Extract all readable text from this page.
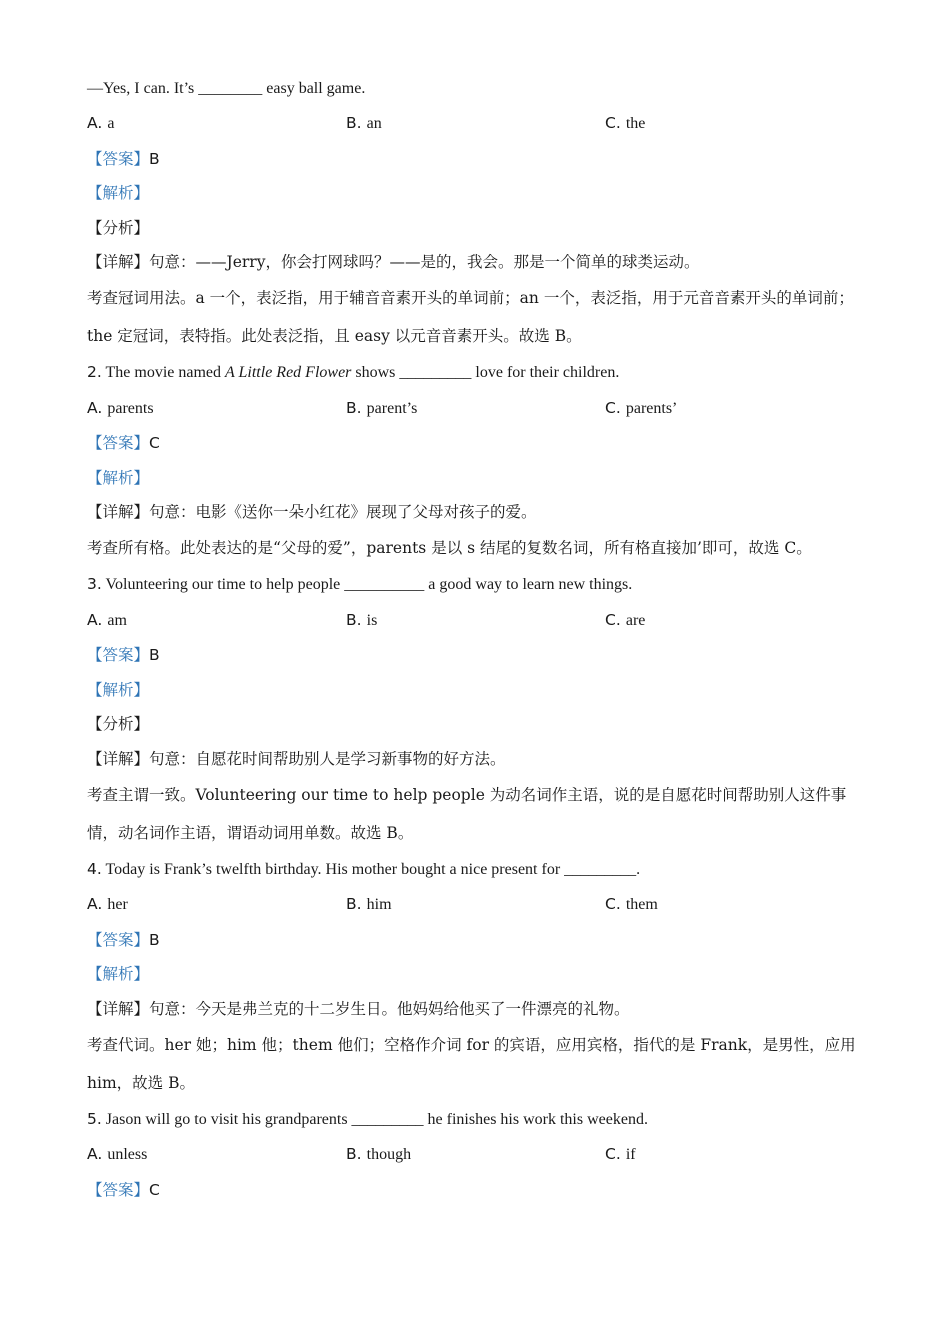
—Yes, I can. It’s ________ easy ball game.
A. a	B. an	C. the
【答案】B
【解析】
【分析】
【详解】句意：——Jerry，你会打网球吗？——是的，我会。那是一个简单的球类运动。
考查冠词用法。a 一个，表泛指，用于辅音音素开头的单词前；an 一个，表泛指，用于元音音素开头的单词前；the 定冠词，表特指。此处表泛指，且 easy 以元音音素开头。故选 B。
2. The movie named A Little Red Flower shows _________ love for their children.
A. parents	B. parent’s	C. parents’
【答案】C
【解析】
【详解】句意：电影《送你一朵小红花》展现了父母对孩子的爱。
考查所有格。此处表达的是“父母的爱”，parents 是以 s 结尾的复数名词，所有格直接加’即可，故选 C。
3. Volunteering our time to help people __________ a good way to learn new things.
A. am	B. is	C. are
【答案】B
【解析】
【分析】
【详解】句意：自愿花时间帮助别人是学习新事物的好方法。
考查主谓一致。Volunteering our time to help people 为动名词作主语，说的是自愿花时间帮助别人这件事情，动名词作主语，谓语动词用单数。故选 B。
4. Today is Frank’s twelfth birthday. His mother bought a nice present for _________.
A. her	B. him	C. them
【答案】B
【解析】
【详解】句意：今天是弗兰克的十二岁生日。他妈妈给他买了一件漂亮的礼物。
考查代词。her 她；him 他；them 他们；空格作介词 for 的宾语，应用宾格，指代的是 Frank，是男性，应用 him，故选 B。
5. Jason will go to visit his grandparents _________ he finishes his work this weekend.
A. unless	B. though	C. if
【答案】C
